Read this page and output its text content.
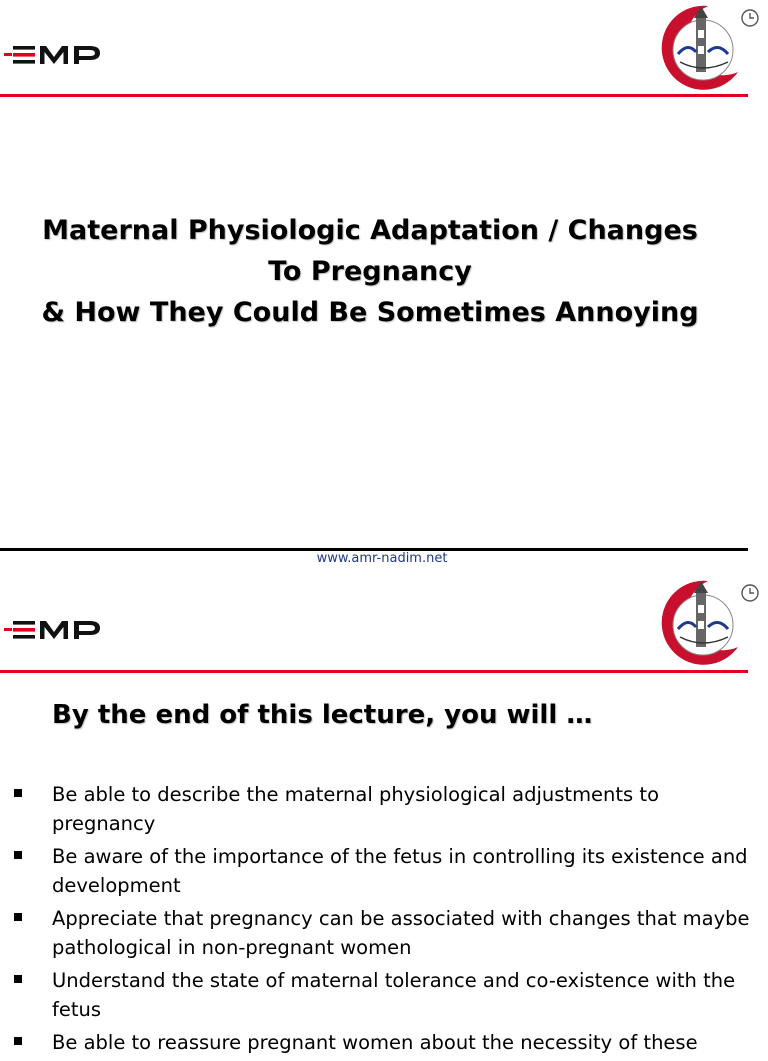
Maternal Physiologic Adaptation / Changes
To Pregnancy
& How They Could Be Sometimes Annoying
www.amr-nadim.net
By the end of this lecture, you will …
Be able to describe the maternal physiological adjustments to pregnancy
Be aware of the importance of the fetus in controlling its existence and development
Appreciate that pregnancy can be associated with changes that maybe pathological in non-pregnant women
Understand the state of maternal tolerance and co-existence with the fetus
Be able to reassure pregnant women about the necessity of these
